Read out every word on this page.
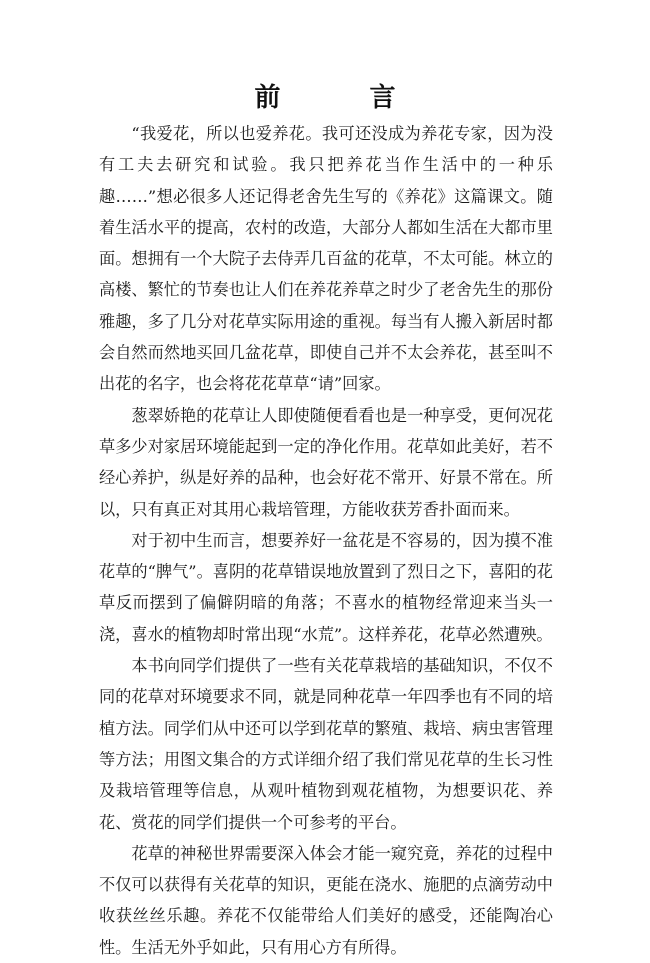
前 言

“我爱花，所以也爱养花。我可还没成为养花专家，因为没有工夫去研究和试验。我只把养花当作生活中的一种乐趣……”想必很多人还记得老舍先生写的《养花》这篇课文。随着生活水平的提高，农村的改造，大部分人都如生活在大都市里面。想拥有一个大院子去侍弄几百盆的花草，不太可能。林立的高楼、繁忙的节奏也让人们在养花养草之时少了老舍先生的那份雅趣，多了几分对花草实际用途的重视。每当有人搬入新居时都会自然而然地买回几盆花草，即使自己并不太会养花，甚至叫不出花的名字，也会将花花草草“请”回家。

葱翠娇艳的花草让人即使随便看看也是一种享受，更何况花草多少对家居环境能起到一定的净化作用。花草如此美好，若不经心养护，纵是好养的品种，也会好花不常开、好景不常在。所以，只有真正对其用心栽培管理，方能收获芳香扑面而来。

对于初中生而言，想要养好一盆花是不容易的，因为摸不准花草的“脾气”。喜阴的花草错误地放置到了烈日之下，喜阳的花草反而摆到了偏僻阴暗的角落；不喜水的植物经常迎来当头一浇，喜水的植物却时常出现“水荒”。这样养花，花草必然遭殃。

本书向同学们提供了一些有关花草栽培的基础知识，不仅不同的花草对环境要求不同，就是同种花草一年四季也有不同的培植方法。同学们从中还可以学到花草的繁殖、栽培、病虫害管理等方法；用图文集合的方式详细介绍了我们常见花草的生长习性及栽培管理等信息，从观叶植物到观花植物，为想要识花、养花、赏花的同学们提供一个可参考的平台。

花草的神秘世界需要深入体会才能一窥究竟，养花的过程中不仅可以获得有关花草的知识，更能在浇水、施肥的点滴劳动中收获丝丝乐趣。养花不仅能带给人们美好的感受，还能陶冶心性。生活无外乎如此，只有用心方有所得。
